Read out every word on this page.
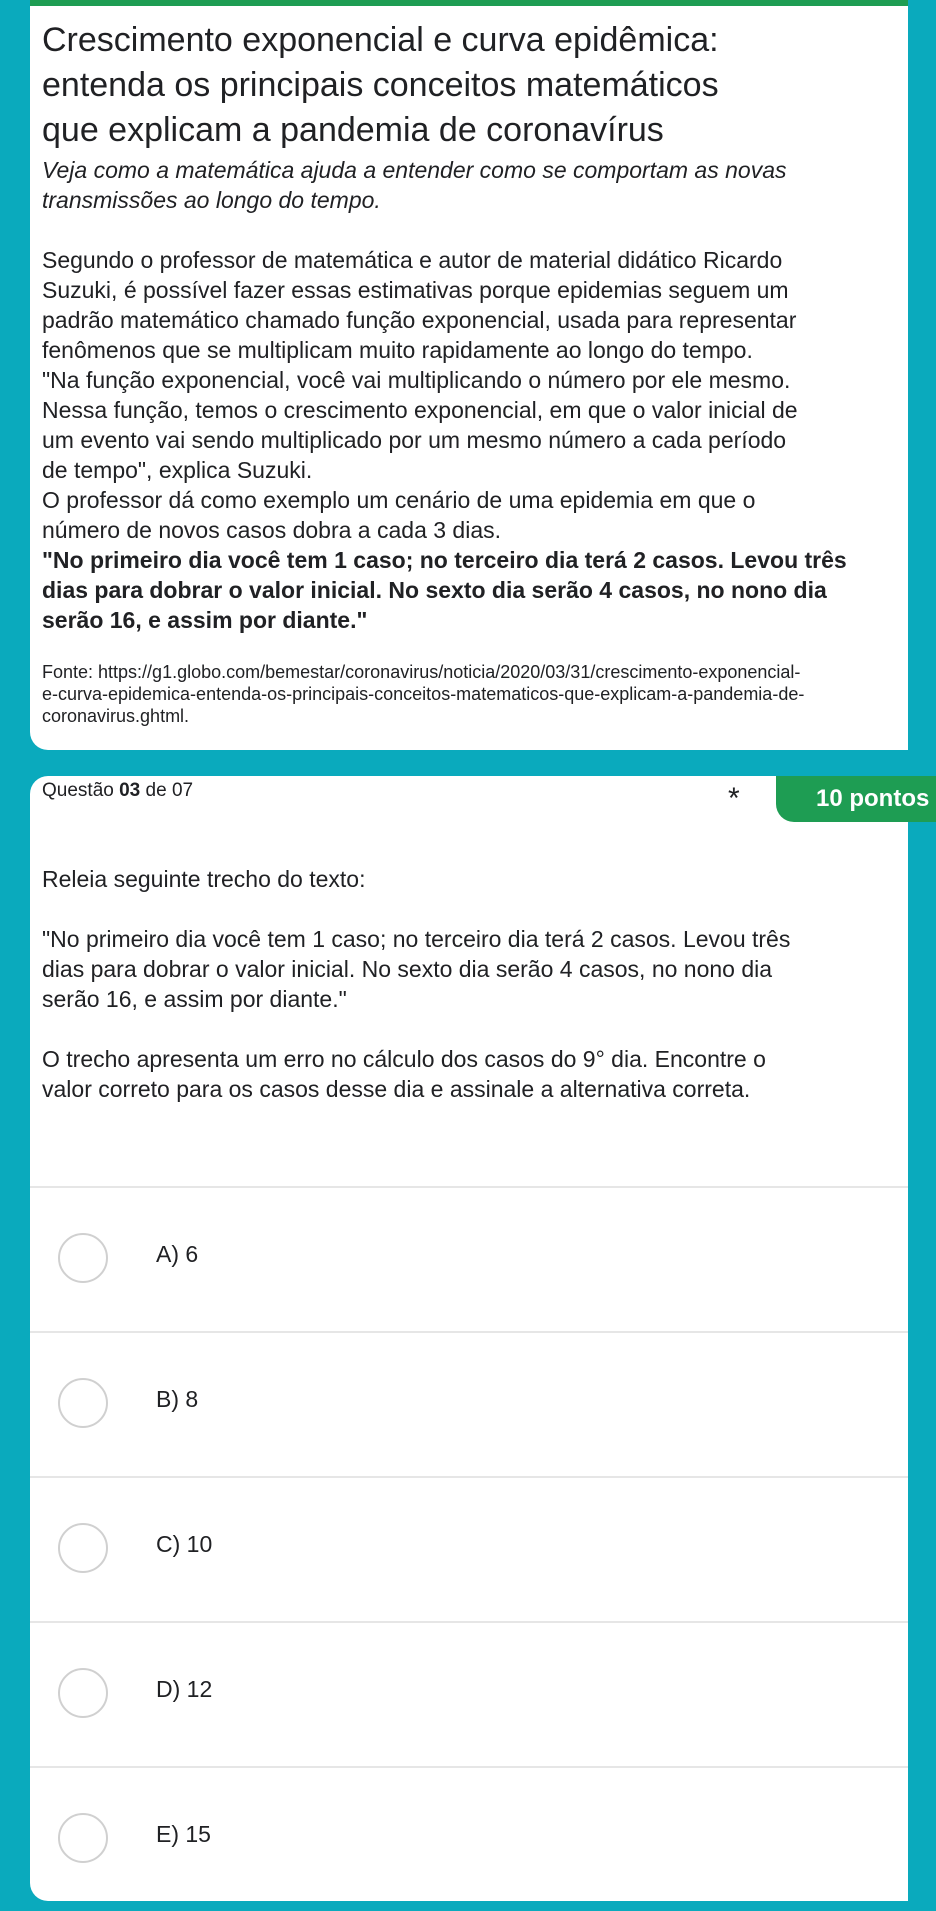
Crescimento exponencial e curva epidêmica:
entenda os principais conceitos matemáticos
que explicam a pandemia de coronavírus
Veja como a matemática ajuda a entender como se comportam as novas
transmissões ao longo do tempo.
Segundo o professor de matemática e autor de material didático Ricardo
Suzuki, é possível fazer essas estimativas porque epidemias seguem um
padrão matemático chamado função exponencial, usada para representar
fenômenos que se multiplicam muito rapidamente ao longo do tempo.
"Na função exponencial, você vai multiplicando o número por ele mesmo.
Nessa função, temos o crescimento exponencial, em que o valor inicial de
um evento vai sendo multiplicado por um mesmo número a cada período
de tempo", explica Suzuki.
O professor dá como exemplo um cenário de uma epidemia em que o
número de novos casos dobra a cada 3 dias.
"No primeiro dia você tem 1 caso; no terceiro dia terá 2 casos. Levou três
dias para dobrar o valor inicial. No sexto dia serão 4 casos, no nono dia
serão 16, e assim por diante."
Fonte: https://g1.globo.com/bemestar/coronavirus/noticia/2020/03/31/crescimento-exponencial-
e-curva-epidemica-entenda-os-principais-conceitos-matematicos-que-explicam-a-pandemia-de-
coronavirus.ghtml.
Questão 03 de 07	*	10 pontos
Releia seguinte trecho do texto:
"No primeiro dia você tem 1 caso; no terceiro dia terá 2 casos. Levou três
dias para dobrar o valor inicial. No sexto dia serão 4 casos, no nono dia
serão 16, e assim por diante."
O trecho apresenta um erro no cálculo dos casos do 9° dia. Encontre o
valor correto para os casos desse dia e assinale a alternativa correta.
A) 6
B) 8
C) 10
D) 12
E) 15
